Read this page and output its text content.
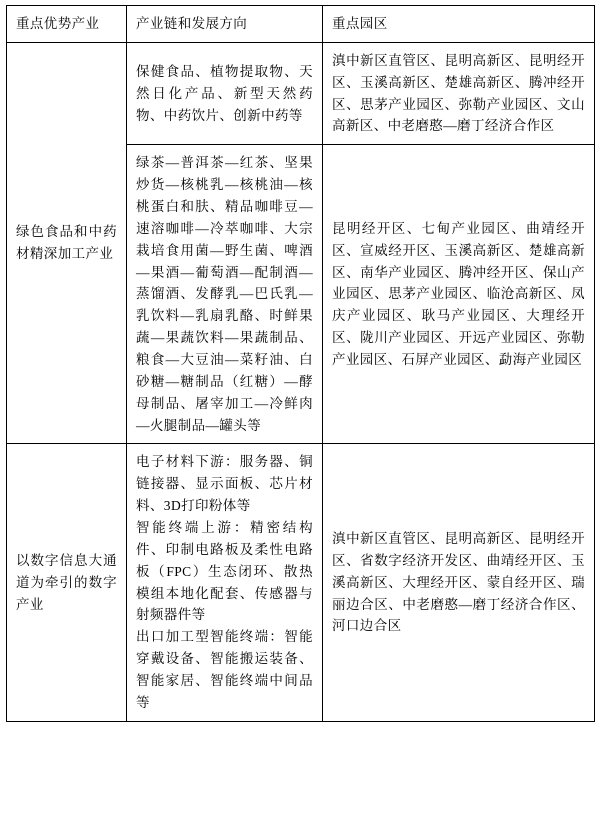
重点优势产业	产业链和发展方向	重点园区
绿色食品和中药材精深加工产业	保健食品、植物提取物、天然日化产品、新型天然药物、中药饮片、创新中药等	滇中新区直管区、昆明高新区、昆明经开区、玉溪高新区、楚雄高新区、腾冲经开区、思茅产业园区、弥勒产业园区、文山高新区、中老磨憨—磨丁经济合作区
	绿茶—普洱茶—红茶、坚果炒货—核桃乳—核桃油—核桃蛋白和肤、精品咖啡豆—速溶咖啡—冷萃咖啡、大宗栽培食用菌—野生菌、啤酒—果酒—葡萄酒—配制酒—蒸馏酒、发酵乳—巴氏乳—乳饮料—乳扇乳酪、时鲜果蔬—果蔬饮料—果蔬制品、粮食—大豆油—菜籽油、白砂糖—糖制品（红糖）—酵母制品、屠宰加工—冷鲜肉—火腿制品—罐头等	昆明经开区、七甸产业园区、曲靖经开区、宣威经开区、玉溪高新区、楚雄高新区、南华产业园区、腾冲经开区、保山产业园区、思茅产业园区、临沧高新区、凤庆产业园区、耿马产业园区、大理经开区、陇川产业园区、开远产业园区、弥勒产业园区、石屏产业园区、勐海产业园区
以数字信息大通道为牵引的数字产业	电子材料下游：服务器、铜链接器、显示面板、芯片材料、3D打印粉体等

智能终端上游：精密结构件、印制电路板及柔性电路板（FPC）生态闭环、散热模组本地化配套、传感器与射频器件等

出口加工型智能终端：智能穿戴设备、智能搬运装备、智能家居、智能终端中间品等	滇中新区直管区、昆明高新区、昆明经开区、省数字经济开发区、曲靖经开区、玉溪高新区、大理经开区、蒙自经开区、瑞丽边合区、中老磨憨—磨丁经济合作区、河口边合区
